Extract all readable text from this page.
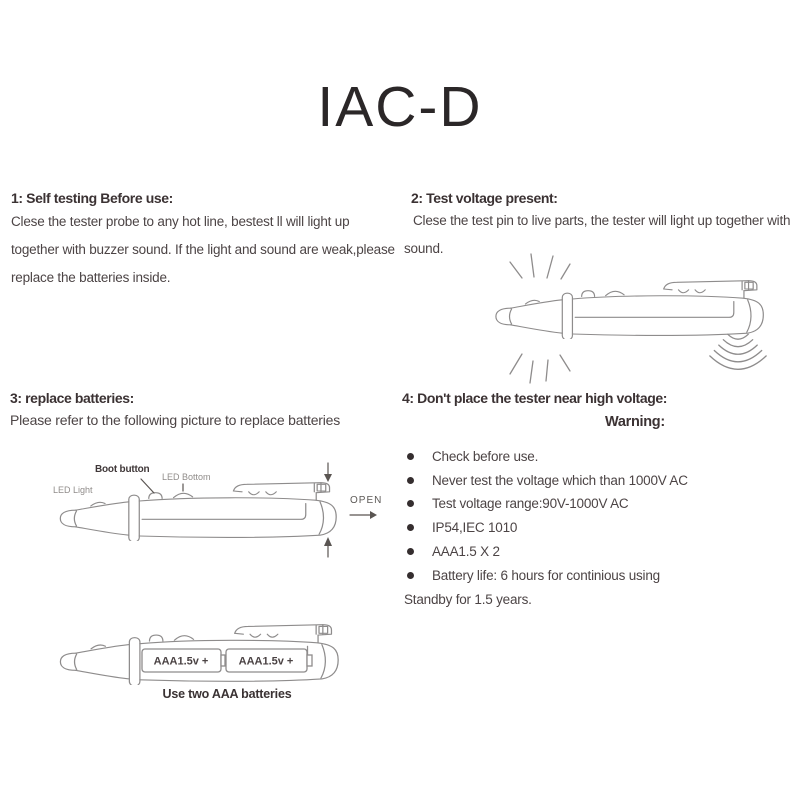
IAC-D
1: Self testing Before use:
Clese the tester probe to any hot line, bestest ll will light up
together with buzzer sound. If the light and sound are weak,please
replace the batteries inside.
2: Test voltage present:
Clese the test pin to live parts, the tester will light up together with
sound.
3: replace batteries:
Please refer to the following picture to replace batteries
LED Light
Boot button
LED Bottom
OPEN
AAA1.5v +	AAA1.5v +
Use two AAA batteries
4: Don't place the tester near high voltage:
Warning:
Check before use.
Never test the voltage which than 1000V AC
Test voltage range:90V-1000V AC
IP54,IEC 1010
AAA1.5 X 2
Battery life: 6 hours for continious using
Standby for 1.5 years.
